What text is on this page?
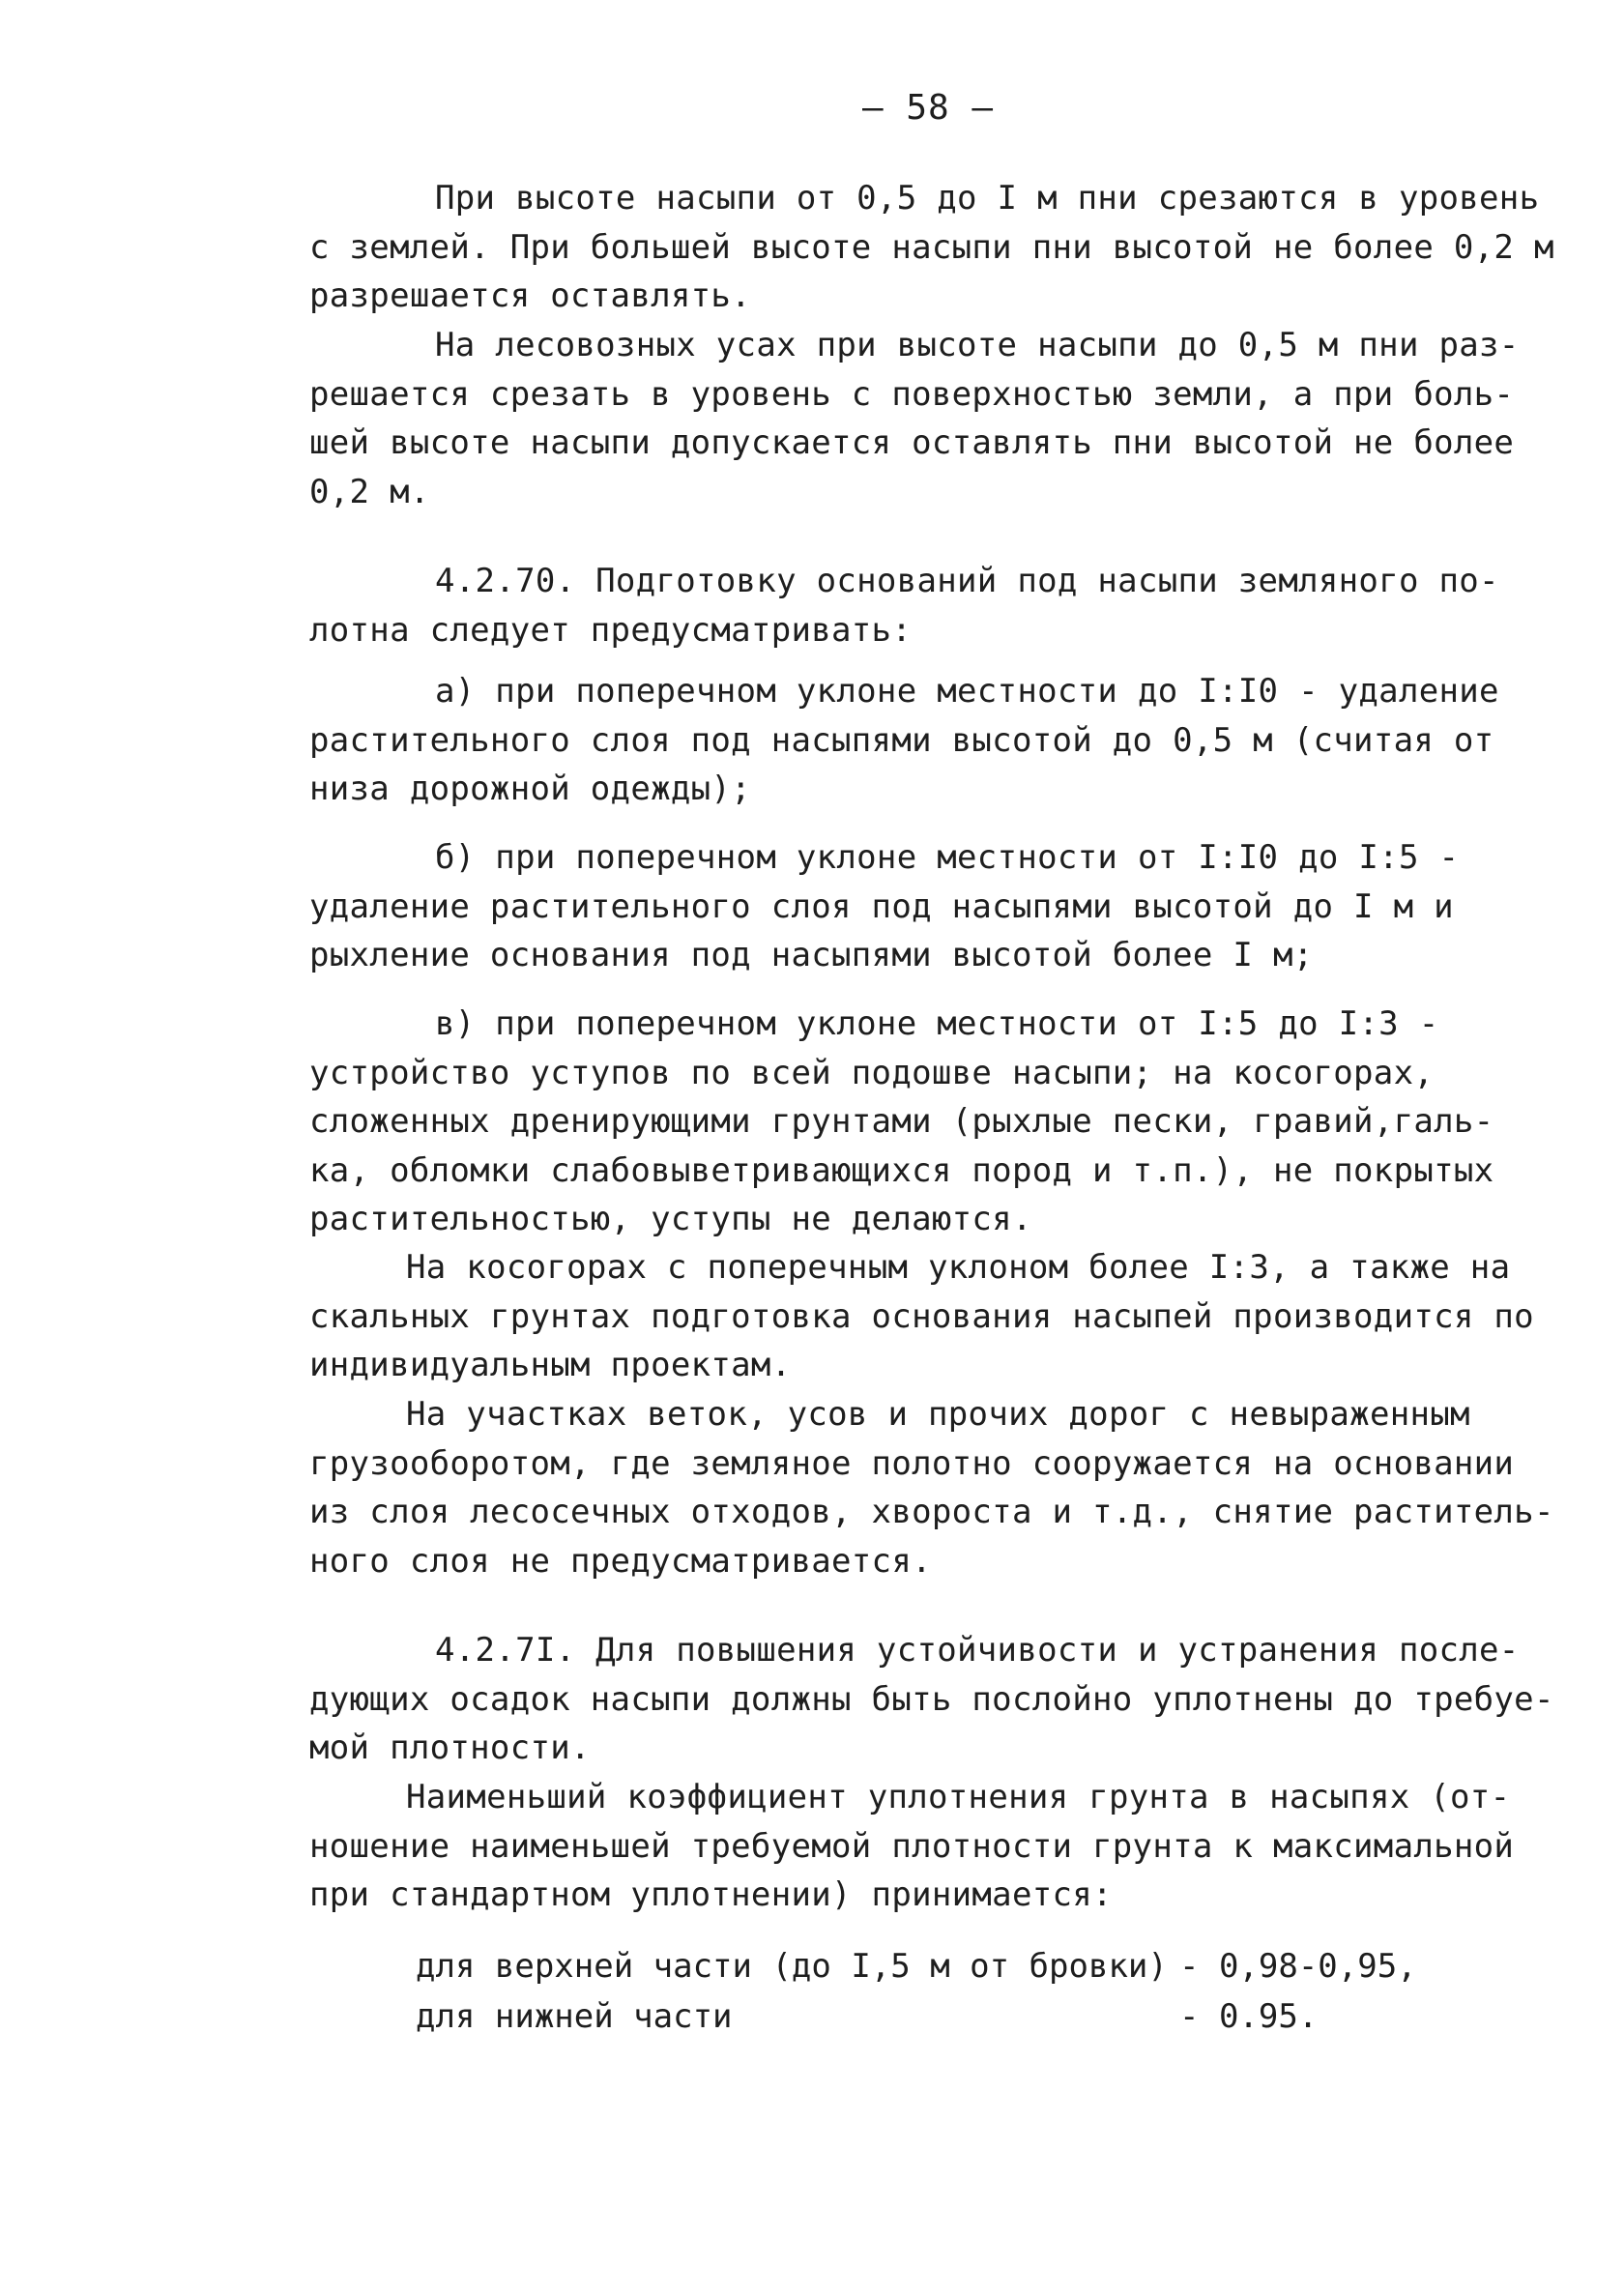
— 58 —
При высоте насыпи от 0,5 до I м пни срезаются в уровень
с землей. При большей высоте насыпи пни высотой не более 0,2 м
разрешается оставлять.
На лесовозных усах при высоте насыпи до 0,5 м пни раз-
решается срезать в уровень с поверхностью земли, а при боль-
шей высоте насыпи допускается оставлять пни высотой не более
0,2 м.
4.2.70. Подготовку оснований под насыпи земляного по-
лотна следует предусматривать:
а) при поперечном уклоне местности до I:I0 - удаление
растительного слоя под насыпями высотой до 0,5 м (считая от
низа дорожной одежды);
б) при поперечном уклоне местности от I:I0 до I:5 -
удаление растительного слоя под насыпями высотой до I м и
рыхление основания под насыпями высотой более I м;
в) при поперечном уклоне местности от I:5 до I:3 -
устройство уступов по всей подошве насыпи; на косогорах,
сложенных дренирующими грунтами (рыхлые пески, гравий,галь-
ка, обломки слабовыветривающихся пород и т.п.), не покрытых
растительностью, уступы не делаются.
На косогорах с поперечным уклоном более I:3, а также на
скальных грунтах подготовка основания насыпей производится по
индивидуальным проектам.
На участках веток, усов и прочих дорог с невыраженным
грузооборотом, где земляное полотно сооружается на основании
из слоя лесосечных отходов, хвороста и т.д., снятие раститель-
ного слоя не предусматривается.
4.2.7I. Для повышения устойчивости и устранения после-
дующих осадок насыпи должны быть послойно уплотнены до требуе-
мой плотности.
Наименьший коэффициент уплотнения грунта в насыпях (от-
ношение наименьшей требуемой плотности грунта к максимальной
при стандартном уплотнении) принимается:

для верхней части (до I,5 м от бровки)

- 0,98-0,95,

для нижней части

	- 0.95.
